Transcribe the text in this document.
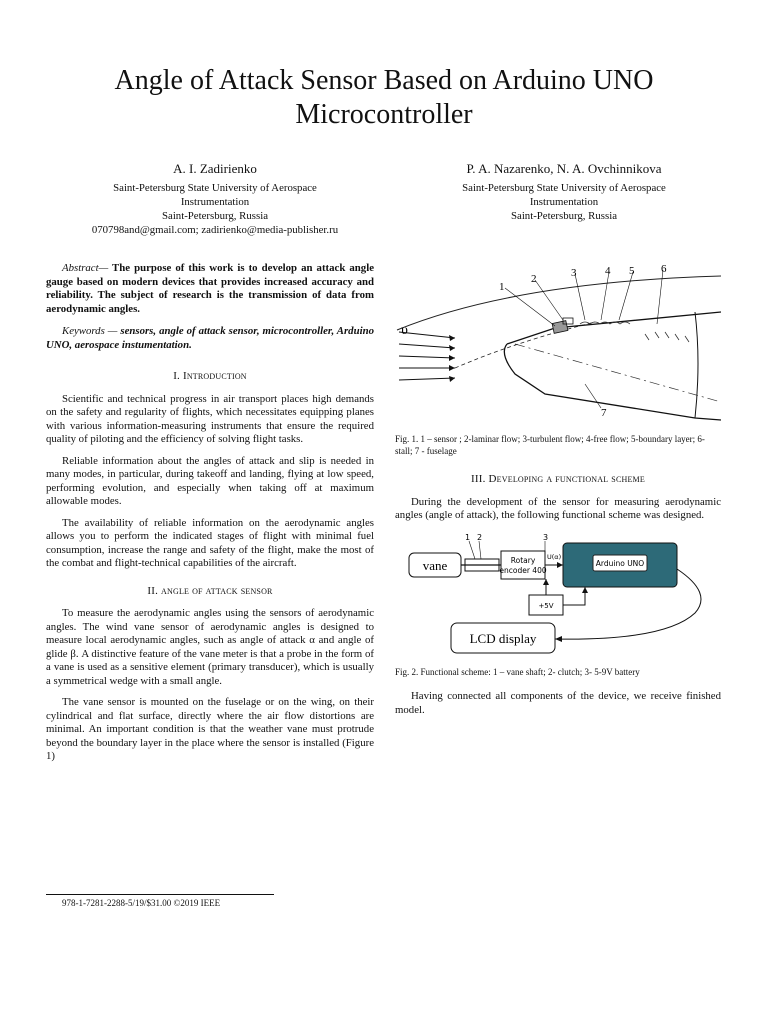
Angle of Attack Sensor Based on Arduino UNO Microcontroller
A. I. Zadirienko
Saint-Petersburg State University of Aerospace
Instrumentation
Saint-Petersburg, Russia
070798and@gmail.com; zadirienko@media-publisher.ru
P. A. Nazarenko, N. A. Ovchinnikova
Saint-Petersburg State University of Aerospace
Instrumentation
Saint-Petersburg, Russia

Abstract— The purpose of this work is to develop an attack angle gauge based on modern devices that provides increased accuracy and reliability. The subject of research is the transmission of data from aerodynamic angles.

Keywords — sensors, angle of attack sensor, microcontroller, Arduino UNO, aerospace instumentation.

I. Introduction

Scientific and technical progress in air transport places high demands on the safety and regularity of flights, which necessitates equipping planes with various information-measuring instruments that ensure the required quality of piloting and the efficiency of solving flight tasks.

Reliable information about the angles of attack and slip is needed in many modes, in particular, during takeoff and landing, flying at low speed, performing evolution, and especially when taking off at maximum allowable modes.

The availability of reliable information on the aerodynamic angles allows you to perform the indicated stages of flight with minimal fuel consumption, increase the range and safety of the flight, make the most of the combat and flight-technical capabilities of the aircraft.

II. angle of attack sensor

To measure the aerodynamic angles using the sensors of aerodynamic angles. The wind vane sensor of aerodynamic angles is designed to measure local aerodynamic angles, such as angle of attack α and angle of glide β. A distinctive feature of the vane meter is that a probe in the form of a vane is used as a sensitive element (primary transducer), which is usually a symmetrical wedge with a small angle.

The vane sensor is mounted on the fuselage or on the wing, on their cylindrical and flat surface, directly where the air flow distortions are minimal. An important condition is that the weather vane must protrude beyond the boundary layer in the place where the sensor is installed (Figure 1)

1
2	3	4 5 6
7
υ
Fig. 1. 1 – sensor ; 2-laminar flow; 3-turbulent flow; 4-free flow; 5-boundary layer; 6-stall; 7 - fuselage
III. Developing a functional scheme

During the development of the sensor for measuring aerodynamic angles (angle of attack), the following functional scheme was designed.

vane	Rotary
encoder 400
U(α)
Arduino UNO
+5V
LCD display
1 2	3
Fig. 2. Functional scheme: 1 – vane shaft; 2- clutch; 3- 5-9V battery

Having connected all components of the device, we receive finished model.

978-1-7281-2288-5/19/$31.00 ©2019 IEEE
